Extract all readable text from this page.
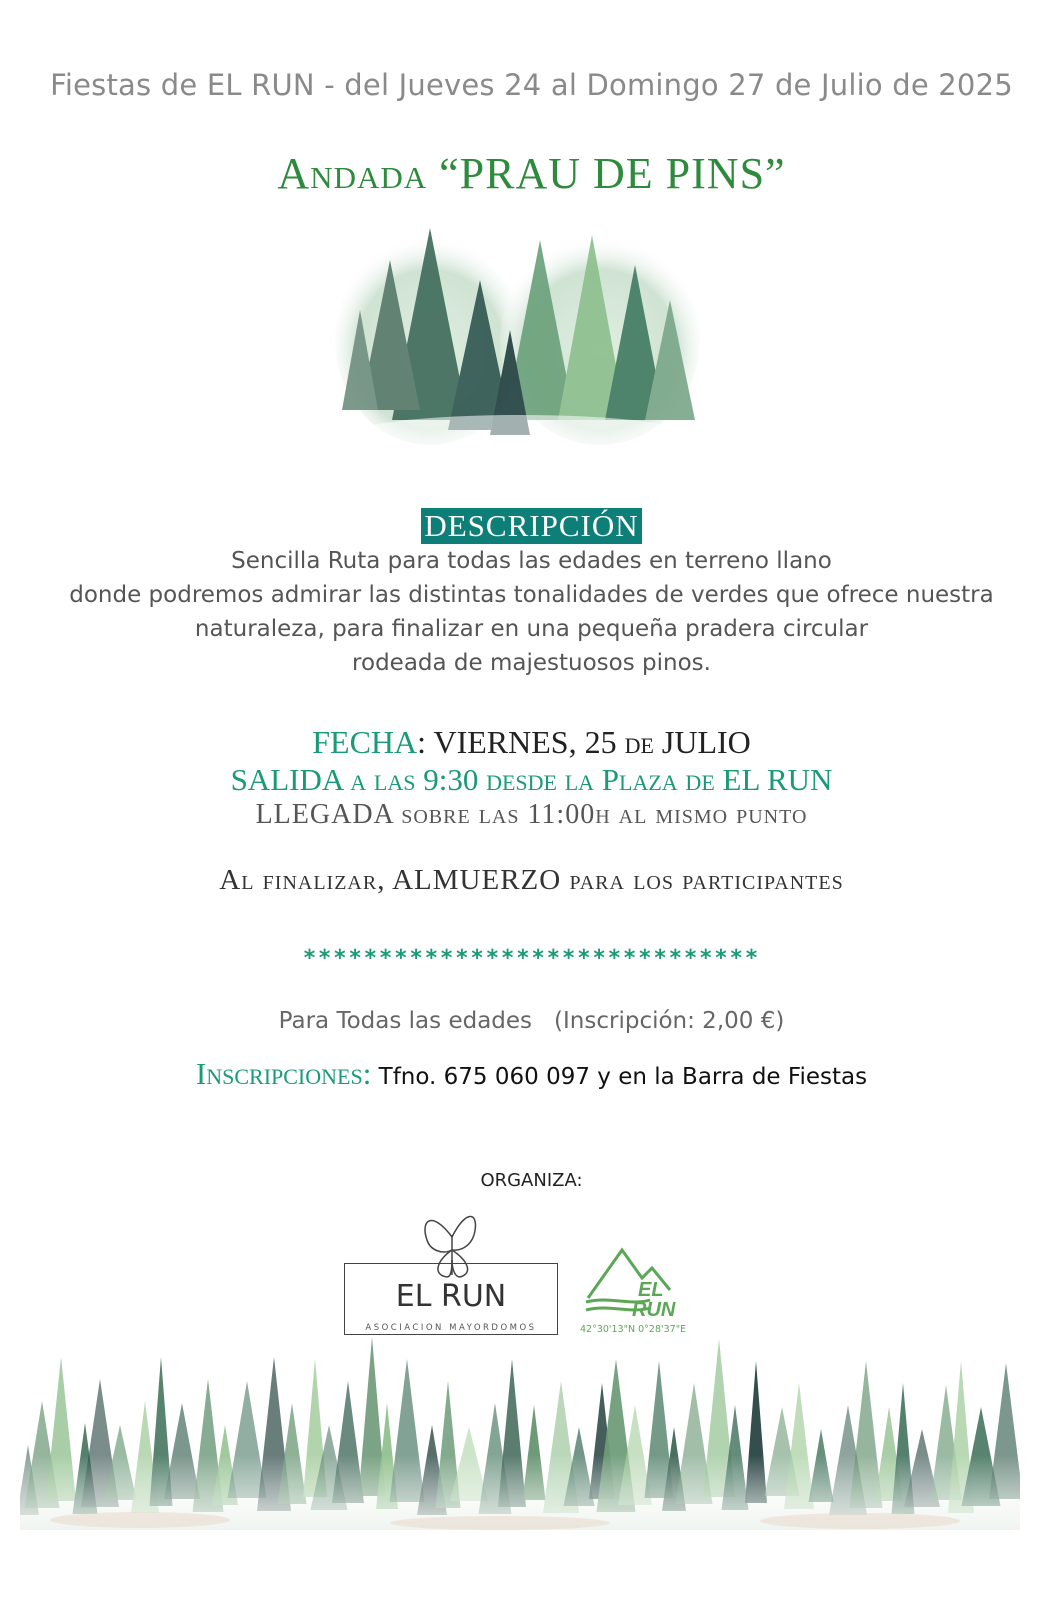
Fiestas de EL RUN - del Jueves 24 al Domingo 27 de Julio de 2025
Andada “PRAU DE PINS”
DESCRIPCIÓN
Sencilla Ruta para todas las edades en terreno llano
donde podremos admirar las distintas tonalidades de verdes que ofrece nuestra
naturaleza, para finalizar en una pequeña pradera circular
rodeada de majestuosos pinos.
FECHA: VIERNES, 25 de JULIO
SALIDA a las 9:30 desde la Plaza de EL RUN
LLEGADA sobre las 11:00h al mismo punto
Al finalizar, ALMUERZO para los participantes
******************************
Para Todas las edades (Inscripción: 2,00 €)
Inscripciones: Tfno. 675 060 097 y en la Barra de Fiestas
ORGANIZA:
EL RUN
ASOCIACION MAYORDOMOS
EL
RUN
42°30'13"N 0°28'37"E
